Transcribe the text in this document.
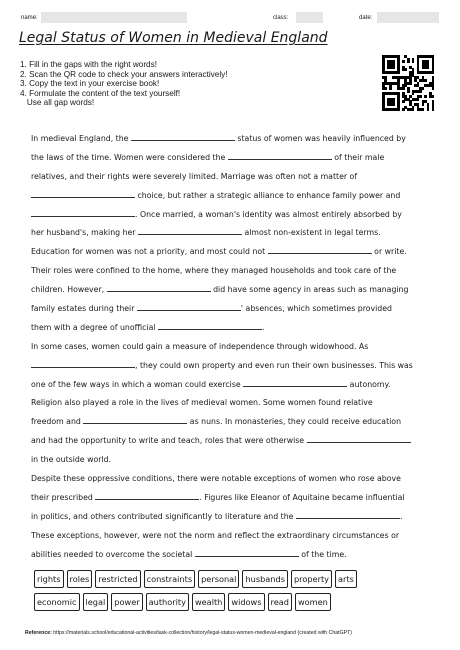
name:	class:	date:
Legal Status of Women in Medieval England
1. Fill in the gaps with the right words!
2. Scan the QR code to check your answers interactively!
3. Copy the text in your exercise book!
4. Formulate the content of the text yourself!
Use all gap words!
In medieval England, the	status of women was heavily influenced by
the laws of the time. Women were considered the	of their male
relatives, and their rights were severely limited. Marriage was often not a matter of
choice, but rather a strategic alliance to enhance family power and
. Once married, a woman's identity was almost entirely absorbed by
her husband's, making her	almost non-existent in legal terms.
Education for women was not a priority, and most could not	or write.
Their roles were confined to the home, where they managed households and took care of the
children. However,	did have some agency in areas such as managing
family estates during their	' absences, which sometimes provided
them with a degree of unofficial	.
In some cases, women could gain a measure of independence through widowhood. As
, they could own property and even run their own businesses. This was
one of the few ways in which a woman could exercise	autonomy.
Religion also played a role in the lives of medieval women. Some women found relative
freedom and	as nuns. In monasteries, they could receive education
and had the opportunity to write and teach, roles that were otherwise
in the outside world.
Despite these oppressive conditions, there were notable exceptions of women who rose above
their prescribed	. Figures like Eleanor of Aquitaine became influential
in politics, and others contributed significantly to literature and the	.
These exceptions, however, were not the norm and reflect the extraordinary circumstances or
abilities needed to overcome the societal	of the time.
rights	roles	restricted	constraints	personal	husbands	property	arts
economic	legal	power	authority	wealth	widows	read	women
Reference: https://materials.school/educational-activities/task-collection/history/legal-status-women-medieval-england (created with ChatGPT)
